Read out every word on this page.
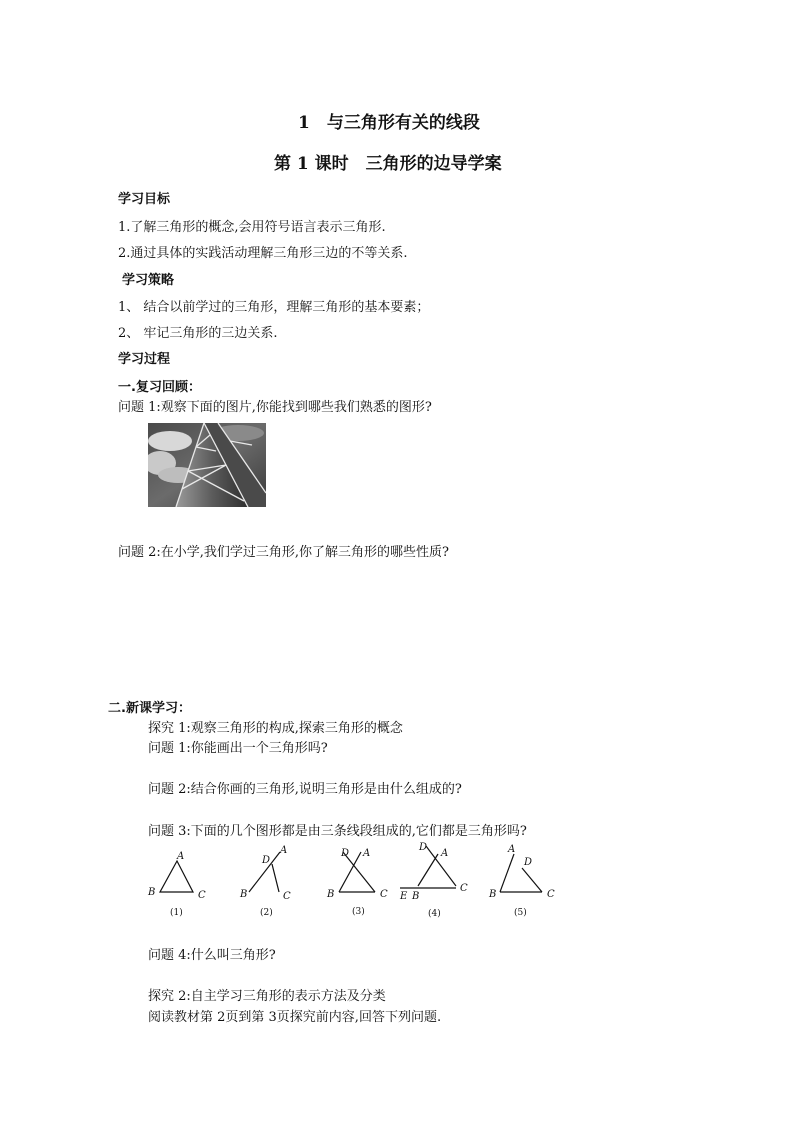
1　与三角形有关的线段
第 1 课时　三角形的边导学案
学习目标
1.了解三角形的概念,会用符号语言表示三角形.
2.通过具体的实践活动理解三角形三边的不等关系.
学习策略
1、 结合以前学过的三角形，理解三角形的基本要素；
2、 牢记三角形的三边关系.
学习过程
一.复习回顾：
问题 1:观察下面的图片,你能找到哪些我们熟悉的图形?
问题 2:在小学,我们学过三角形,你了解三角形的哪些性质?
二.新课学习：
探究 1:观察三角形的构成,探索三角形的概念
问题 1:你能画出一个三角形吗?
问题 2:结合你画的三角形,说明三角形是由什么组成的?
问题 3:下面的几个图形都是由三条线段组成的,它们都是三角形吗?
A
B	C
(1)
D
A
B	C
(2)
D A
B	C
(3)
D
A
E B
C
(4)
A
D
B	C
(5)
问题 4:什么叫三角形?
探究 2:自主学习三角形的表示方法及分类
阅读教材第 2页到第 3页探究前内容,回答下列问题.
